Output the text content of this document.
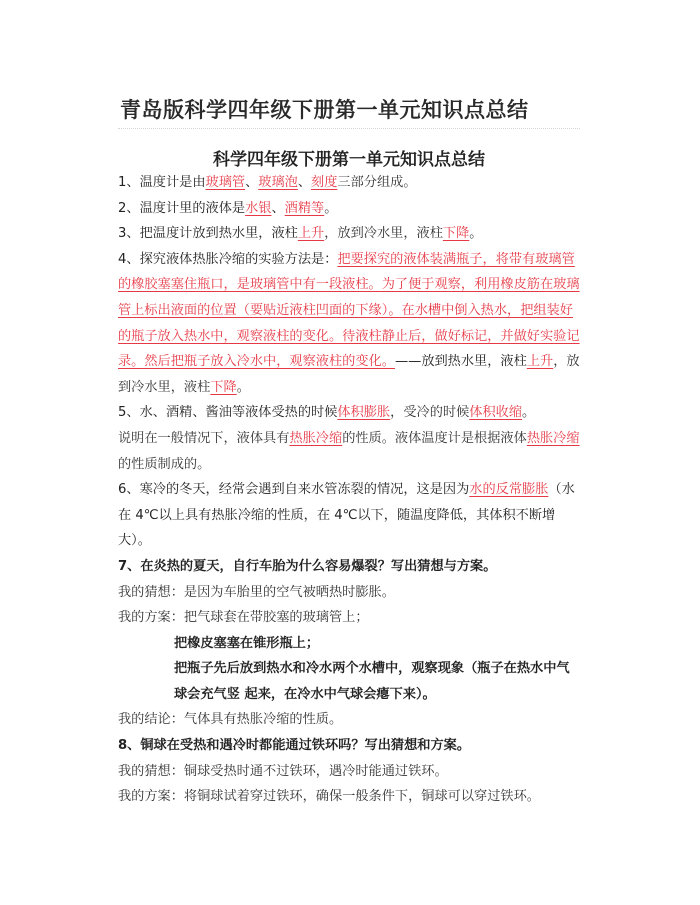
青岛版科学四年级下册第一单元知识点总结
科学四年级下册第一单元知识点总结

1、温度计是由玻璃管、玻璃泡、刻度三部分组成。

2、温度计里的液体是水银、酒精等。

3、把温度计放到热水里，液柱上升，放到冷水里，液柱下降。

4、探究液体热胀冷缩的实验方法是：把要探究的液体装满瓶子，将带有玻璃管的橡胶塞塞住瓶口，是玻璃管中有一段液柱。为了便于观察，利用橡皮筋在玻璃管上标出液面的位置（要贴近液柱凹面的下缘）。在水槽中倒入热水，把组装好的瓶子放入热水中，观察液柱的变化。待液柱静止后，做好标记，并做好实验记录。然后把瓶子放入冷水中，观察液柱的变化。——放到热水里，液柱上升，放到冷水里，液柱下降。

5、水、酒精、酱油等液体受热的时候体积膨胀，受冷的时候体积收缩。

说明在一般情况下，液体具有热胀冷缩的性质。液体温度计是根据液体热胀冷缩的性质制成的。

6、寒冷的冬天，经常会遇到自来水管冻裂的情况，这是因为水的反常膨胀（水在 4℃以上具有热胀冷缩的性质，在 4℃以下，随温度降低，其体积不断增大）。

7、在炎热的夏天，自行车胎为什么容易爆裂？写出猜想与方案。

我的猜想：是因为车胎里的空气被晒热时膨胀。

我的方案：把气球套在带胶塞的玻璃管上；

把橡皮塞塞在锥形瓶上；

把瓶子先后放到热水和冷水两个水槽中，观察现象（瓶子在热水中气球会充气竖 起来，在冷水中气球会瘪下来）。

我的结论：气体具有热胀冷缩的性质。

8、铜球在受热和遇冷时都能通过铁环吗？写出猜想和方案。

我的猜想：铜球受热时通不过铁环，遇冷时能通过铁环。

我的方案：将铜球试着穿过铁环，确保一般条件下，铜球可以穿过铁环。
